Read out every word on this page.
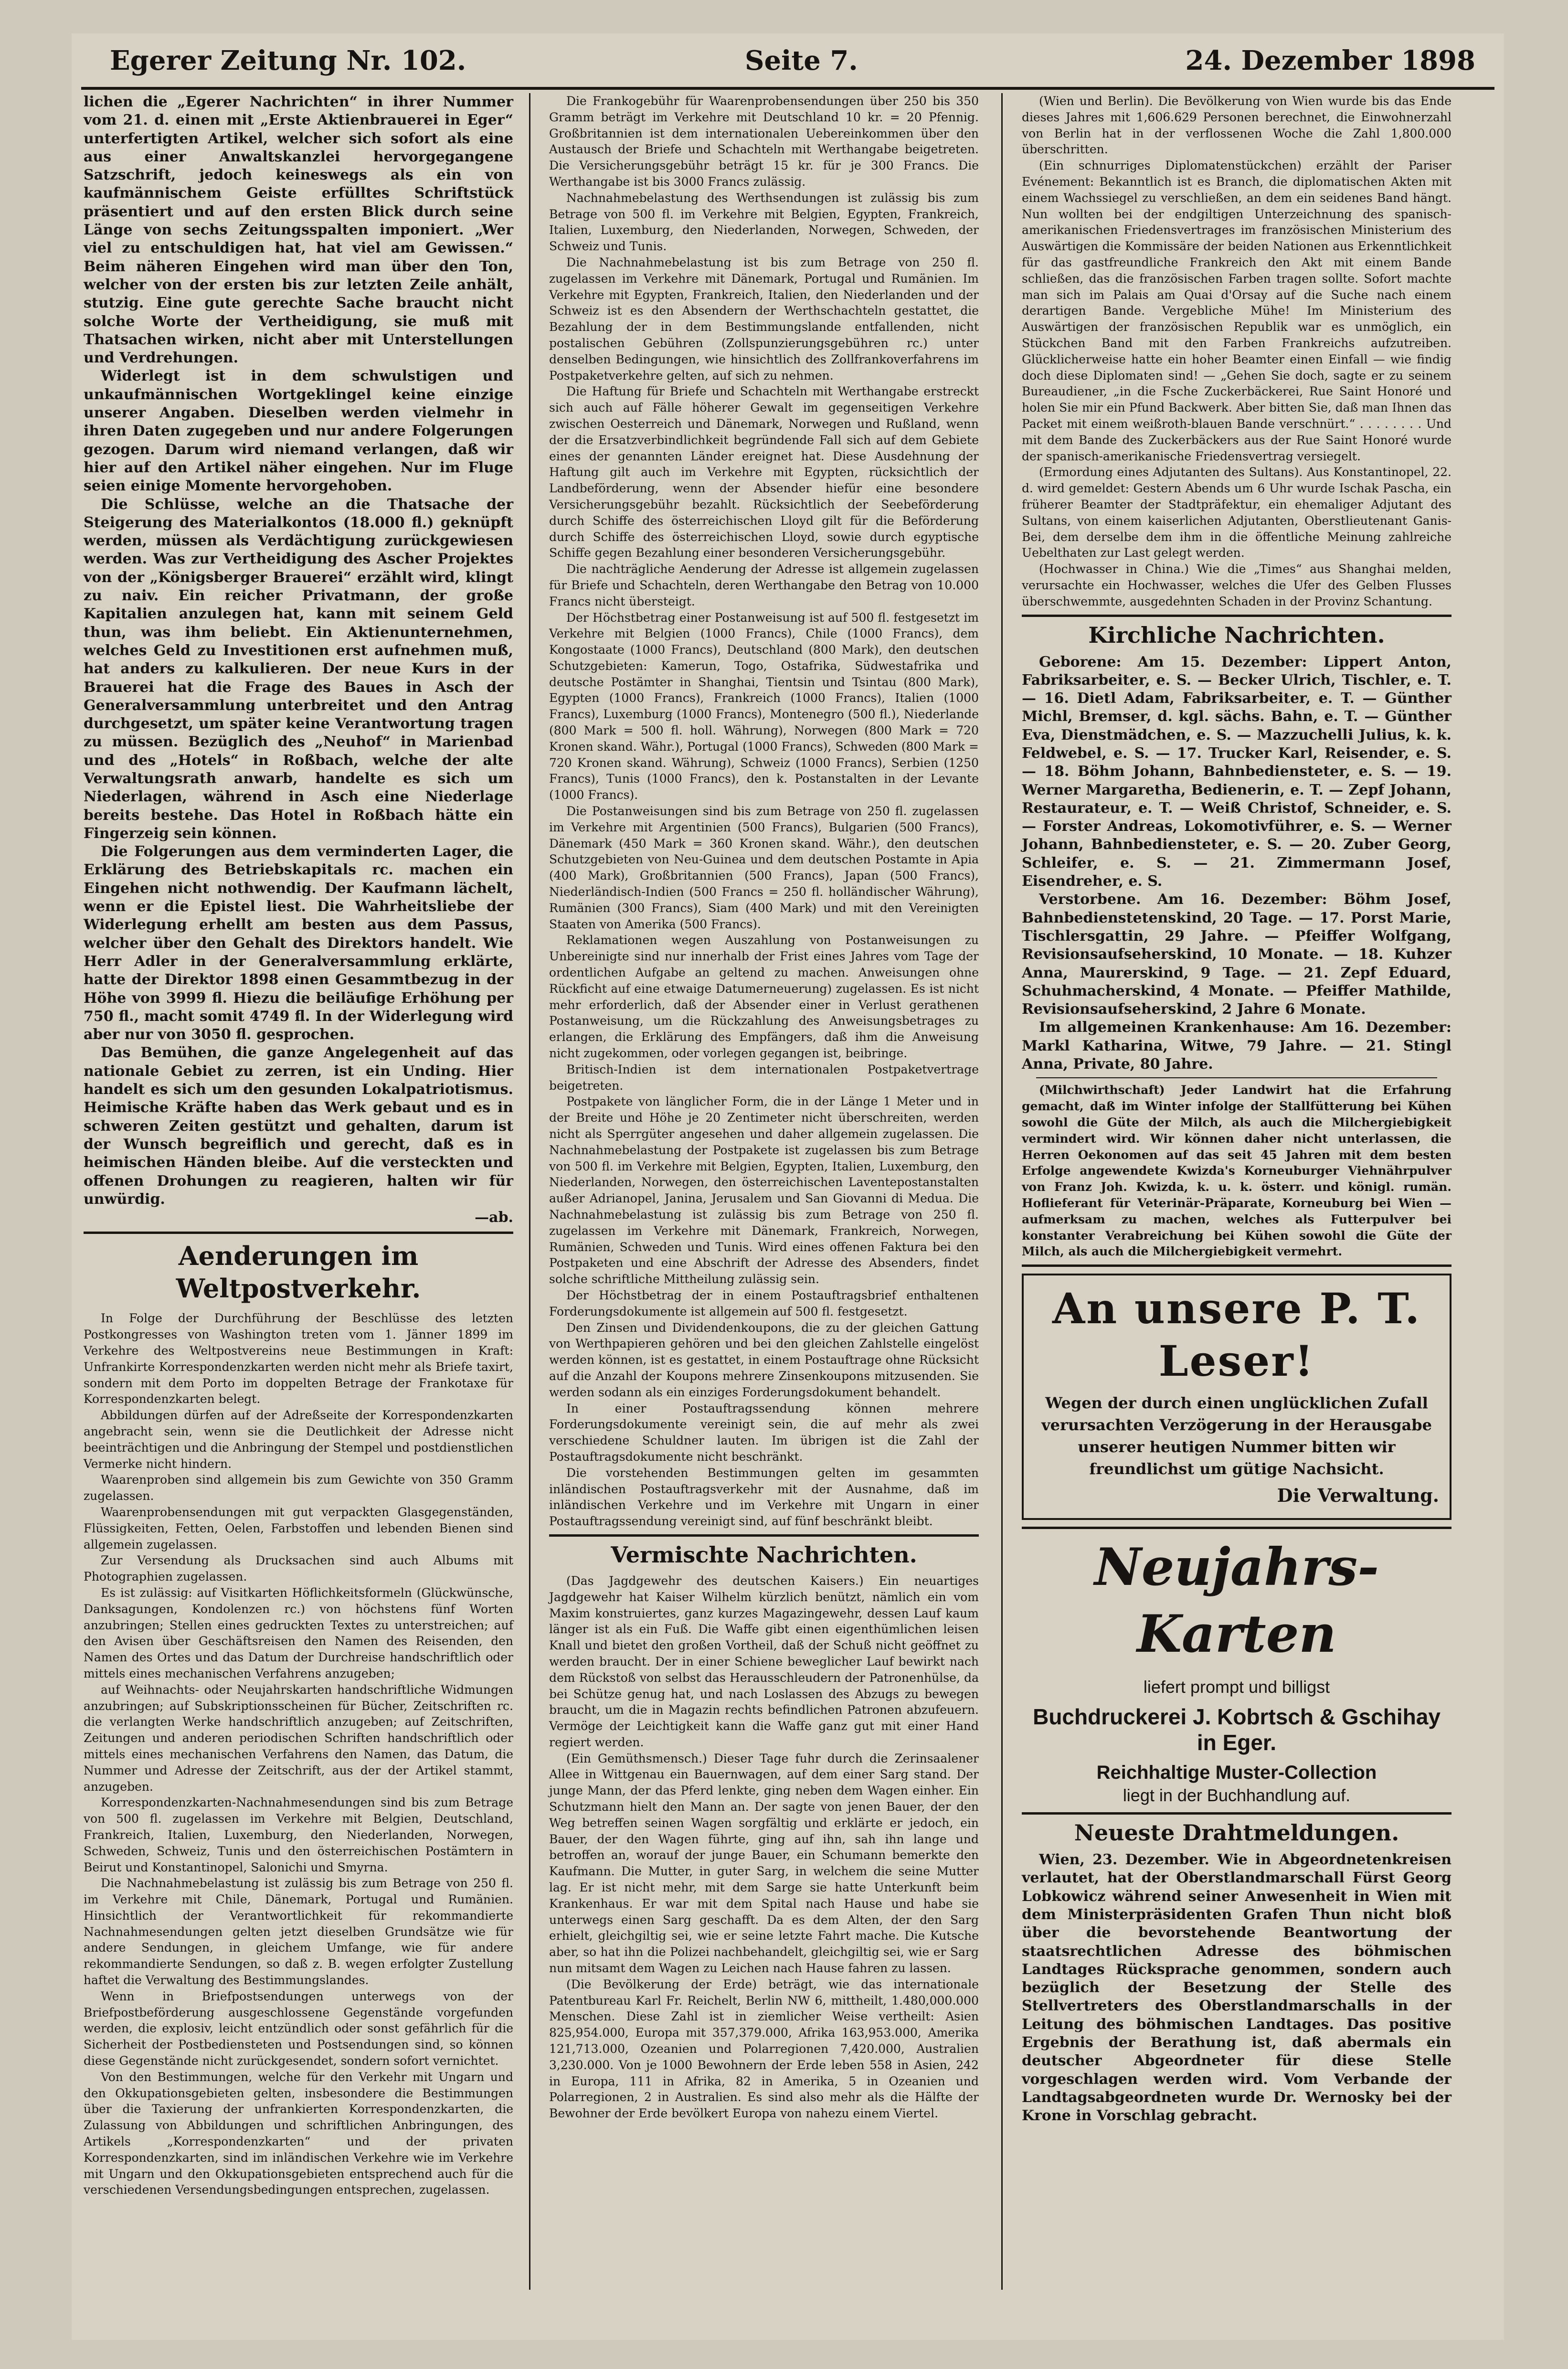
Egerer Zeitung Nr. 102.	Seite 7.	24. Dezember 1898

lichen die „Egerer Nachrichten“ in ihrer Nummer vom 21. d. einen mit „Erste Aktienbrauerei in Eger“ unterfertigten Artikel, welcher sich sofort als eine aus einer Anwaltskanzlei hervorgegangene Satzschrift, jedoch keineswegs als ein von kaufmännischem Geiste erfülltes Schriftstück präsentiert und auf den ersten Blick durch seine Länge von sechs Zeitungsspalten imponiert. „Wer viel zu entschuldigen hat, hat viel am Gewissen.“ Beim näheren Eingehen wird man über den Ton, welcher von der ersten bis zur letzten Zeile anhält, stutzig. Eine gute gerechte Sache braucht nicht solche Worte der Vertheidigung, sie muß mit Thatsachen wirken, nicht aber mit Unterstellungen und Verdrehungen.

Widerlegt ist in dem schwulstigen und unkaufmännischen Wortgeklingel keine einzige unserer Angaben. Dieselben werden vielmehr in ihren Daten zugegeben und nur andere Folgerungen gezogen. Darum wird niemand verlangen, daß wir hier auf den Artikel näher eingehen. Nur im Fluge seien einige Momente hervorgehoben.

Die Schlüsse, welche an die Thatsache der Steigerung des Materialkontos (18.000 fl.) geknüpft werden, müssen als Verdächtigung zurückgewiesen werden. Was zur Vertheidigung des Ascher Projektes von der „Königsberger Brauerei“ erzählt wird, klingt zu naiv. Ein reicher Privatmann, der große Kapitalien anzulegen hat, kann mit seinem Geld thun, was ihm beliebt. Ein Aktienunternehmen, welches Geld zu Investitionen erst aufnehmen muß, hat anders zu kalkulieren. Der neue Kurs in der Brauerei hat die Frage des Baues in Asch der Generalversammlung unterbreitet und den Antrag durchgesetzt, um später keine Verantwortung tragen zu müssen. Bezüglich des „Neuhof“ in Marienbad und des „Hotels“ in Roßbach, welche der alte Verwaltungsrath anwarb, handelte es sich um Niederlagen, während in Asch eine Niederlage bereits bestehe. Das Hotel in Roßbach hätte ein Fingerzeig sein können.

Die Folgerungen aus dem verminderten Lager, die Erklärung des Betriebskapitals rc. machen ein Eingehen nicht nothwendig. Der Kaufmann lächelt, wenn er die Epistel liest. Die Wahrheitsliebe der Widerlegung erhellt am besten aus dem Passus, welcher über den Gehalt des Direktors handelt. Wie Herr Adler in der Generalversammlung erklärte, hatte der Direktor 1898 einen Gesammtbezug in der Höhe von 3999 fl. Hiezu die beiläufige Erhöhung per 750 fl., macht somit 4749 fl. In der Widerlegung wird aber nur von 3050 fl. gesprochen.

Das Bemühen, die ganze Angelegenheit auf das nationale Gebiet zu zerren, ist ein Unding. Hier handelt es sich um den gesunden Lokalpatriotismus. Heimische Kräfte haben das Werk gebaut und es in schweren Zeiten gestützt und gehalten, darum ist der Wunsch begreiflich und gerecht, daß es in heimischen Händen bleibe. Auf die versteckten und offenen Drohungen zu reagieren, halten wir für unwürdig.

—ab.

Aenderungen im Weltpostverkehr.

In Folge der Durchführung der Beschlüsse des letzten Postkongresses von Washington treten vom 1. Jänner 1899 im Verkehre des Weltpostvereins neue Bestimmungen in Kraft: Unfrankirte Korrespondenzkarten werden nicht mehr als Briefe taxirt, sondern mit dem Porto im doppelten Betrage der Frankotaxe für Korrespondenzkarten belegt.

Abbildungen dürfen auf der Adreßseite der Korrespondenzkarten angebracht sein, wenn sie die Deutlichkeit der Adresse nicht beeinträchtigen und die Anbringung der Stempel und postdienstlichen Vermerke nicht hindern.

Waarenproben sind allgemein bis zum Gewichte von 350 Gramm zugelassen.

Waarenprobensendungen mit gut verpackten Glasgegenständen, Flüssigkeiten, Fetten, Oelen, Farbstoffen und lebenden Bienen sind allgemein zugelassen.

Zur Versendung als Drucksachen sind auch Albums mit Photographien zugelassen.

Es ist zulässig: auf Visitkarten Höflichkeitsformeln (Glückwünsche, Danksagungen, Kondolenzen rc.) von höchstens fünf Worten anzubringen; Stellen eines gedruckten Textes zu unterstreichen; auf den Avisen über Geschäftsreisen den Namen des Reisenden, den Namen des Ortes und das Datum der Durchreise handschriftlich oder mittels eines mechanischen Verfahrens anzugeben;

auf Weihnachts- oder Neujahrskarten handschriftliche Widmungen anzubringen; auf Subskriptionsscheinen für Bücher, Zeitschriften rc. die verlangten Werke handschriftlich anzugeben; auf Zeitschriften, Zeitungen und anderen periodischen Schriften handschriftlich oder mittels eines mechanischen Verfahrens den Namen, das Datum, die Nummer und Adresse der Zeitschrift, aus der der Artikel stammt, anzugeben.

Korrespondenzkarten-Nachnahmesendungen sind bis zum Betrage von 500 fl. zugelassen im Verkehre mit Belgien, Deutschland, Frankreich, Italien, Luxemburg, den Niederlanden, Norwegen, Schweden, Schweiz, Tunis und den österreichischen Postämtern in Beirut und Konstantinopel, Salonichi und Smyrna.

Die Nachnahmebelastung ist zulässig bis zum Betrage von 250 fl. im Verkehre mit Chile, Dänemark, Portugal und Rumänien. Hinsichtlich der Verantwortlichkeit für rekommandierte Nachnahmesendungen gelten jetzt dieselben Grundsätze wie für andere Sendungen, in gleichem Umfange, wie für andere rekommandierte Sendungen, so daß z. B. wegen erfolgter Zustellung haftet die Verwaltung des Bestimmungslandes.

Wenn in Briefpostsendungen unterwegs von der Briefpostbeförderung ausgeschlossene Gegenstände vorgefunden werden, die explosiv, leicht entzündlich oder sonst gefährlich für die Sicherheit der Postbediensteten und Postsendungen sind, so können diese Gegenstände nicht zurückgesendet, sondern sofort vernichtet.

Von den Bestimmungen, welche für den Verkehr mit Ungarn und den Okkupationsgebieten gelten, insbesondere die Bestimmungen über die Taxierung der unfrankierten Korrespondenzkarten, die Zulassung von Abbildungen und schriftlichen Anbringungen, des Artikels „Korrespondenzkarten“ und der privaten Korrespondenzkarten, sind im inländischen Verkehre wie im Verkehre mit Ungarn und den Okkupationsgebieten entsprechend auch für die verschiedenen Versendungsbedingungen entsprechen, zugelassen.

Die Frankogebühr für Waarenprobensendungen über 250 bis 350 Gramm beträgt im Verkehre mit Deutschland 10 kr. = 20 Pfennig. Großbritannien ist dem internationalen Uebereinkommen über den Austausch der Briefe und Schachteln mit Werthangabe beigetreten. Die Versicherungsgebühr beträgt 15 kr. für je 300 Francs. Die Werthangabe ist bis 3000 Francs zulässig.

Nachnahmebelastung des Werthsendungen ist zulässig bis zum Betrage von 500 fl. im Verkehre mit Belgien, Egypten, Frankreich, Italien, Luxemburg, den Niederlanden, Norwegen, Schweden, der Schweiz und Tunis.

Die Nachnahmebelastung ist bis zum Betrage von 250 fl. zugelassen im Verkehre mit Dänemark, Portugal und Rumänien. Im Verkehre mit Egypten, Frankreich, Italien, den Niederlanden und der Schweiz ist es den Absendern der Werthschachteln gestattet, die Bezahlung der in dem Bestimmungslande entfallenden, nicht postalischen Gebühren (Zollspunzierungsgebühren rc.) unter denselben Bedingungen, wie hinsichtlich des Zollfrankoverfahrens im Postpaketverkehre gelten, auf sich zu nehmen.

Die Haftung für Briefe und Schachteln mit Werthangabe erstreckt sich auch auf Fälle höherer Gewalt im gegenseitigen Verkehre zwischen Oesterreich und Dänemark, Norwegen und Rußland, wenn der die Ersatzverbindlichkeit begründende Fall sich auf dem Gebiete eines der genannten Länder ereignet hat. Diese Ausdehnung der Haftung gilt auch im Verkehre mit Egypten, rücksichtlich der Landbeförderung, wenn der Absender hiefür eine besondere Versicherungsgebühr bezahlt. Rücksichtlich der Seebeförderung durch Schiffe des österreichischen Lloyd gilt für die Beförderung durch Schiffe des österreichischen Lloyd, sowie durch egyptische Schiffe gegen Bezahlung einer besonderen Versicherungsgebühr.

Die nachträgliche Aenderung der Adresse ist allgemein zugelassen für Briefe und Schachteln, deren Werthangabe den Betrag von 10.000 Francs nicht übersteigt.

Der Höchstbetrag einer Postanweisung ist auf 500 fl. festgesetzt im Verkehre mit Belgien (1000 Francs), Chile (1000 Francs), dem Kongostaate (1000 Francs), Deutschland (800 Mark), den deutschen Schutzgebieten: Kamerun, Togo, Ostafrika, Südwestafrika und deutsche Postämter in Shanghai, Tientsin und Tsintau (800 Mark), Egypten (1000 Francs), Frankreich (1000 Francs), Italien (1000 Francs), Luxemburg (1000 Francs), Montenegro (500 fl.), Niederlande (800 Mark = 500 fl. holl. Währung), Norwegen (800 Mark = 720 Kronen skand. Währ.), Portugal (1000 Francs), Schweden (800 Mark = 720 Kronen skand. Währung), Schweiz (1000 Francs), Serbien (1250 Francs), Tunis (1000 Francs), den k. Postanstalten in der Levante (1000 Francs).

Die Postanweisungen sind bis zum Betrage von 250 fl. zugelassen im Verkehre mit Argentinien (500 Francs), Bulgarien (500 Francs), Dänemark (450 Mark = 360 Kronen skand. Währ.), den deutschen Schutzgebieten von Neu-Guinea und dem deutschen Postamte in Apia (400 Mark), Großbritannien (500 Francs), Japan (500 Francs), Niederländisch-Indien (500 Francs = 250 fl. holländischer Währung), Rumänien (300 Francs), Siam (400 Mark) und mit den Vereinigten Staaten von Amerika (500 Francs).

Reklamationen wegen Auszahlung von Postanweisungen zu Unbereinigte sind nur innerhalb der Frist eines Jahres vom Tage der ordentlichen Aufgabe an geltend zu machen. Anweisungen ohne Rückficht auf eine etwaige Datumerneuerung) zugelassen. Es ist nicht mehr erforderlich, daß der Absender einer in Verlust gerathenen Postanweisung, um die Rückzahlung des Anweisungsbetrages zu erlangen, die Erklärung des Empfängers, daß ihm die Anweisung nicht zugekommen, oder vorlegen gegangen ist, beibringe.

Britisch-Indien ist dem internationalen Postpaketvertrage beigetreten.

Postpakete von länglicher Form, die in der Länge 1 Meter und in der Breite und Höhe je 20 Zentimeter nicht überschreiten, werden nicht als Sperrgüter angesehen und daher allgemein zugelassen. Die Nachnahmebelastung der Postpakete ist zugelassen bis zum Betrage von 500 fl. im Verkehre mit Belgien, Egypten, Italien, Luxemburg, den Niederlanden, Norwegen, den österreichischen Laventepostanstalten außer Adrianopel, Janina, Jerusalem und San Giovanni di Medua. Die Nachnahmebelastung ist zulässig bis zum Betrage von 250 fl. zugelassen im Verkehre mit Dänemark, Frankreich, Norwegen, Rumänien, Schweden und Tunis. Wird eines offenen Faktura bei den Postpaketen und eine Abschrift der Adresse des Absenders, findet solche schriftliche Mittheilung zulässig sein.

Der Höchstbetrag der in einem Postauftragsbrief enthaltenen Forderungsdokumente ist allgemein auf 500 fl. festgesetzt.

Den Zinsen und Dividendenkoupons, die zu der gleichen Gattung von Werthpapieren gehören und bei den gleichen Zahlstelle eingelöst werden können, ist es gestattet, in einem Postauftrage ohne Rücksicht auf die Anzahl der Koupons mehrere Zinsenkoupons mitzusenden. Sie werden sodann als ein einziges Forderungsdokument behandelt.

In einer Postauftragssendung können mehrere Forderungsdokumente vereinigt sein, die auf mehr als zwei verschiedene Schuldner lauten. Im übrigen ist die Zahl der Postauftragsdokumente nicht beschränkt.

Die vorstehenden Bestimmungen gelten im gesammten inländischen Postauftragsverkehr mit der Ausnahme, daß im inländischen Verkehre und im Verkehre mit Ungarn in einer Postauftragssendung vereinigt sind, auf fünf beschränkt bleibt.

Vermischte Nachrichten.

(Das Jagdgewehr des deutschen Kaisers.) Ein neuartiges Jagdgewehr hat Kaiser Wilhelm kürzlich benützt, nämlich ein vom Maxim konstruiertes, ganz kurzes Magazingewehr, dessen Lauf kaum länger ist als ein Fuß. Die Waffe gibt einen eigenthümlichen leisen Knall und bietet den großen Vortheil, daß der Schuß nicht geöffnet zu werden braucht. Der in einer Schiene beweglicher Lauf bewirkt nach dem Rückstoß von selbst das Herausschleudern der Patronenhülse, da bei Schütze genug hat, und nach Loslassen des Abzugs zu bewegen braucht, um die in Magazin rechts befindlichen Patronen abzufeuern. Vermöge der Leichtigkeit kann die Waffe ganz gut mit einer Hand regiert werden.

(Ein Gemüthsmensch.) Dieser Tage fuhr durch die Zerinsaalener Allee in Wittgenau ein Bauernwagen, auf dem einer Sarg stand. Der junge Mann, der das Pferd lenkte, ging neben dem Wagen einher. Ein Schutzmann hielt den Mann an. Der sagte von jenen Bauer, der den Weg betreffen seinen Wagen sorgfältig und erklärte er jedoch, ein Bauer, der den Wagen führte, ging auf ihn, sah ihn lange und betroffen an, worauf der junge Bauer, ein Schumann bemerkte den Kaufmann. Die Mutter, in guter Sarg, in welchem die seine Mutter lag. Er ist nicht mehr, mit dem Sarge sie hatte Unterkunft beim Krankenhaus. Er war mit dem Spital nach Hause und habe sie unterwegs einen Sarg geschafft. Da es dem Alten, der den Sarg erhielt, gleichgiltig sei, wie er seine letzte Fahrt mache. Die Kutsche aber, so hat ihn die Polizei nachbehandelt, gleichgiltig sei, wie er Sarg nun mitsamt dem Wagen zu Leichen nach Hause fahren zu lassen.

(Die Bevölkerung der Erde) beträgt, wie das internationale Patentbureau Karl Fr. Reichelt, Berlin NW 6, mittheilt, 1.480,000.000 Menschen. Diese Zahl ist in ziemlicher Weise vertheilt: Asien 825,954.000, Europa mit 357,379.000, Afrika 163,953.000, Amerika 121,713.000, Ozeanien und Polarregionen 7,420.000, Australien 3,230.000. Von je 1000 Bewohnern der Erde leben 558 in Asien, 242 in Europa, 111 in Afrika, 82 in Amerika, 5 in Ozeanien und Polarregionen, 2 in Australien. Es sind also mehr als die Hälfte der Bewohner der Erde bevölkert Europa von nahezu einem Viertel.

(Wien und Berlin). Die Bevölkerung von Wien wurde bis das Ende dieses Jahres mit 1,606.629 Personen berechnet, die Einwohnerzahl von Berlin hat in der verflossenen Woche die Zahl 1,800.000 überschritten.

(Ein schnurriges Diplomatenstückchen) erzählt der Pariser Evénement: Bekanntlich ist es Branch, die diplomatischen Akten mit einem Wachssiegel zu verschließen, an dem ein seidenes Band hängt. Nun wollten bei der endgiltigen Unterzeichnung des spanisch-amerikanischen Friedensvertrages im französischen Ministerium des Auswärtigen die Kommissäre der beiden Nationen aus Erkenntlichkeit für das gastfreundliche Frankreich den Akt mit einem Bande schließen, das die französischen Farben tragen sollte. Sofort machte man sich im Palais am Quai d'Orsay auf die Suche nach einem derartigen Bande. Vergebliche Mühe! Im Ministerium des Auswärtigen der französischen Republik war es unmöglich, ein Stückchen Band mit den Farben Frankreichs aufzutreiben. Glücklicherweise hatte ein hoher Beamter einen Einfall — wie findig doch diese Diplomaten sind! — „Gehen Sie doch, sagte er zu seinem Bureaudiener, „in die Fsche Zuckerbäckerei, Rue Saint Honoré und holen Sie mir ein Pfund Backwerk. Aber bitten Sie, daß man Ihnen das Packet mit einem weißroth-blauen Bande verschnürt.“ . . . . . . . . Und mit dem Bande des Zuckerbäckers aus der Rue Saint Honoré wurde der spanisch-amerikanische Friedensvertrag versiegelt.

(Ermordung eines Adjutanten des Sultans). Aus Konstantinopel, 22. d. wird gemeldet: Gestern Abends um 6 Uhr wurde Ischak Pascha, ein früherer Beamter der Stadtpräfektur, ein ehemaliger Adjutant des Sultans, von einem kaiserlichen Adjutanten, Oberstlieutenant Ganis-Bei, dem derselbe dem ihm in die öffentliche Meinung zahlreiche Uebelthaten zur Last gelegt werden.

(Hochwasser in China.) Wie die „Times“ aus Shanghai melden, verursachte ein Hochwasser, welches die Ufer des Gelben Flusses überschwemmte, ausgedehnten Schaden in der Provinz Schantung.

Kirchliche Nachrichten.

Geborene: Am 15. Dezember: Lippert Anton, Fabriksarbeiter, e. S. — Becker Ulrich, Tischler, e. T. — 16. Dietl Adam, Fabriksarbeiter, e. T. — Günther Michl, Bremser, d. kgl. sächs. Bahn, e. T. — Günther Eva, Dienstmädchen, e. S. — Mazzuchelli Julius, k. k. Feldwebel, e. S. — 17. Trucker Karl, Reisender, e. S. — 18. Böhm Johann, Bahnbediensteter, e. S. — 19. Werner Margaretha, Bedienerin, e. T. — Zepf Johann, Restaurateur, e. T. — Weiß Christof, Schneider, e. S. — Forster Andreas, Lokomotivführer, e. S. — Werner Johann, Bahnbediensteter, e. S. — 20. Zuber Georg, Schleifer, e. S. — 21. Zimmermann Josef, Eisendreher, e. S.

Verstorbene. Am 16. Dezember: Böhm Josef, Bahnbedienstetenskind, 20 Tage. — 17. Porst Marie, Tischlersgattin, 29 Jahre. — Pfeiffer Wolfgang, Revisionsaufseherskind, 10 Monate. — 18. Kuhzer Anna, Maurerskind, 9 Tage. — 21. Zepf Eduard, Schuhmacherskind, 4 Monate. — Pfeiffer Mathilde, Revisionsaufseherskind, 2 Jahre 6 Monate.

Im allgemeinen Krankenhause: Am 16. Dezember: Markl Katharina, Witwe, 79 Jahre. — 21. Stingl Anna, Private, 80 Jahre.

(Milchwirthschaft) Jeder Landwirt hat die Erfahrung gemacht, daß im Winter infolge der Stallfütterung bei Kühen sowohl die Güte der Milch, als auch die Milchergiebigkeit vermindert wird. Wir können daher nicht unterlassen, die Herren Oekonomen auf das seit 45 Jahren mit dem besten Erfolge angewendete Kwizda's Korneuburger Viehnährpulver von Franz Joh. Kwizda, k. u. k. österr. und königl. rumän. Hoflieferant für Veterinär-Präparate, Korneuburg bei Wien — aufmerksam zu machen, welches als Futterpulver bei konstanter Verabreichung bei Kühen sowohl die Güte der Milch, als auch die Milchergiebigkeit vermehrt.

An unsere P. T. Leser!
Wegen der durch einen unglücklichen Zufall verursachten Verzögerung in der Herausgabe unserer heutigen Nummer bitten wir freundlichst um gütige Nachsicht.
Die Verwaltung.
Neujahrs-Karten
liefert prompt und billigst
Buchdruckerei J. Kobrtsch & Gschihay in Eger.
Reichhaltige Muster-Collection
liegt in der Buchhandlung auf.
Neueste Drahtmeldungen.

Wien, 23. Dezember. Wie in Abgeordnetenkreisen verlautet, hat der Oberstlandmarschall Fürst Georg Lobkowicz während seiner Anwesenheit in Wien mit dem Ministerpräsidenten Grafen Thun nicht bloß über die bevorstehende Beantwortung der staatsrechtlichen Adresse des böhmischen Landtages Rücksprache genommen, sondern auch bezüglich der Besetzung der Stelle des Stellvertreters des Oberstlandmarschalls in der Leitung des böhmischen Landtages. Das positive Ergebnis der Berathung ist, daß abermals ein deutscher Abgeordneter für diese Stelle vorgeschlagen werden wird. Vom Verbande der Landtagsabgeordneten wurde Dr. Wernosky bei der Krone in Vorschlag gebracht.
